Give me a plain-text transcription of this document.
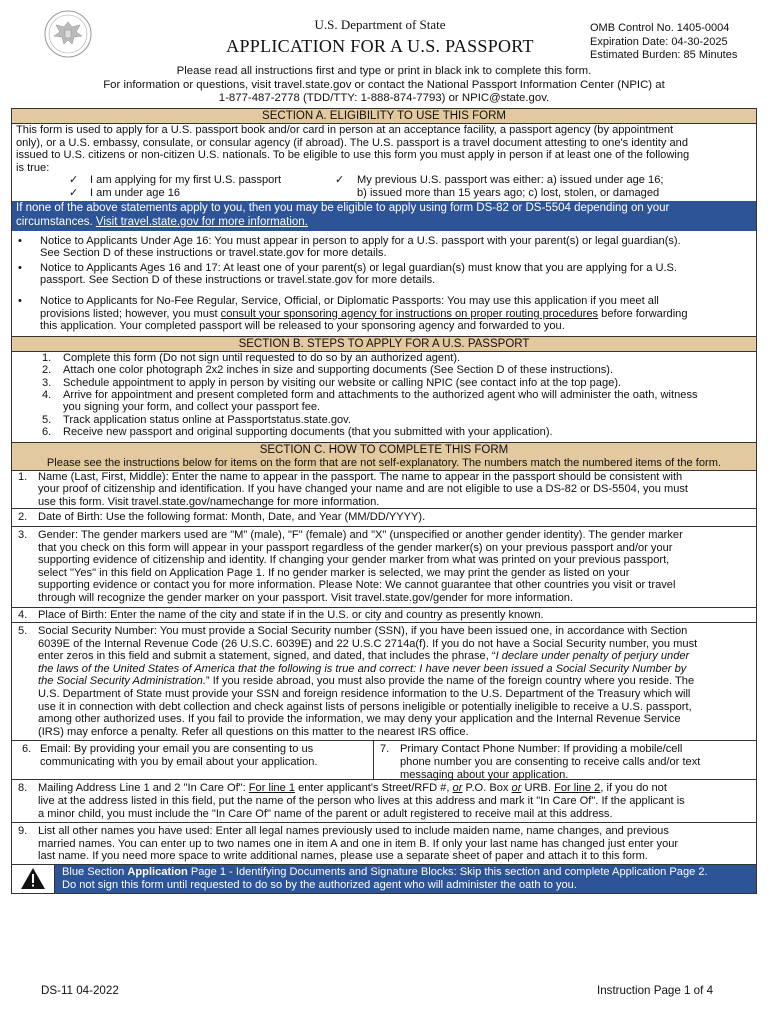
U.S. Department of State
APPLICATION FOR A U.S. PASSPORT
OMB Control No. 1405-0004
Expiration Date: 04-30-2025
Estimated Burden: 85 Minutes
Please read all instructions first and type or print in black ink to complete this form.
For information or questions, visit travel.state.gov or contact the National Passport Information Center (NPIC) at
1-877-487-2778 (TDD/TTY: 1-888-874-7793) or NPIC@state.gov.
SECTION A. ELIGIBILITY TO USE THIS FORM
This form is used to apply for a U.S. passport book and/or card in person at an acceptance facility, a passport agency (by appointment
only), or a U.S. embassy, consulate, or consular agency (if abroad). The U.S. passport is a travel document attesting to one's identity and
issued to U.S. citizens or non-citizen U.S. nationals. To be eligible to use this form you must apply in person if at least one of the following
is true:
✓ I am applying for my first U.S. passport
✓ I am under age 16
✓ My previous U.S. passport was either: a) issued under age 16;
b) issued more than 15 years ago; c) lost, stolen, or damaged
If none of the above statements apply to you, then you may be eligible to apply using form DS-82 or DS-5504 depending on your
circumstances. Visit travel.state.gov for more information.
• Notice to Applicants Under Age 16: You must appear in person to apply for a U.S. passport with your parent(s) or legal guardian(s).
See Section D of these instructions or travel.state.gov for more details.
• Notice to Applicants Ages 16 and 17: At least one of your parent(s) or legal guardian(s) must know that you are applying for a U.S.
passport. See Section D of these instructions or travel.state.gov for more details.
• Notice to Applicants for No-Fee Regular, Service, Official, or Diplomatic Passports: You may use this application if you meet all
provisions listed; however, you must consult your sponsoring agency for instructions on proper routing procedures before forwarding
this application. Your completed passport will be released to your sponsoring agency and forwarded to you.
SECTION B. STEPS TO APPLY FOR A U.S. PASSPORT
1. Complete this form (Do not sign until requested to do so by an authorized agent).
2. Attach one color photograph 2x2 inches in size and supporting documents (See Section D of these instructions).
3. Schedule appointment to apply in person by visiting our website or calling NPIC (see contact info at the top page).
4. Arrive for appointment and present completed form and attachments to the authorized agent who will administer the oath, witness
you signing your form, and collect your passport fee.
5. Track application status online at Passportstatus.state.gov.
6. Receive new passport and original supporting documents (that you submitted with your application).
SECTION C. HOW TO COMPLETE THIS FORM
Please see the instructions below for items on the form that are not self-explanatory. The numbers match the numbered items of the form.
1. Name (Last, First, Middle): Enter the name to appear in the passport. The name to appear in the passport should be consistent with
your proof of citizenship and identification. If you have changed your name and are not eligible to use a DS-82 or DS-5504, you must
use this form. Visit travel.state.gov/namechange for more information.
2. Date of Birth: Use the following format: Month, Date, and Year (MM/DD/YYYY).
3. Gender: The gender markers used are "M" (male), "F" (female) and "X" (unspecified or another gender identity). The gender marker
that you check on this form will appear in your passport regardless of the gender marker(s) on your previous passport and/or your
supporting evidence of citizenship and identity. If changing your gender marker from what was printed on your previous passport,
select "Yes" in this field on Application Page 1. If no gender marker is selected, we may print the gender as listed on your
supporting evidence or contact you for more information. Please Note: We cannot guarantee that other countries you visit or travel
through will recognize the gender marker on your passport. Visit travel.state.gov/gender for more information.
4. Place of Birth: Enter the name of the city and state if in the U.S. or city and country as presently known.
5. Social Security Number: You must provide a Social Security number (SSN), if you have been issued one, in accordance with Section
6039E of the Internal Revenue Code (26 U.S.C. 6039E) and 22 U.S.C 2714a(f). If you do not have a Social Security number, you must
enter zeros in this field and submit a statement, signed, and dated, that includes the phrase, “I declare under penalty of perjury under
the laws of the United States of America that the following is true and correct: I have never been issued a Social Security Number by
the Social Security Administration.” If you reside abroad, you must also provide the name of the foreign country where you reside. The
U.S. Department of State must provide your SSN and foreign residence information to the U.S. Department of the Treasury which will
use it in connection with debt collection and check against lists of persons ineligible or potentially ineligible to receive a U.S. passport,
among other authorized uses. If you fail to provide the information, we may deny your application and the Internal Revenue Service
(IRS) may enforce a penalty. Refer all questions on this matter to the nearest IRS office.
6. Email: By providing your email you are consenting to us
communicating with you by email about your application.
7. Primary Contact Phone Number: If providing a mobile/cell
phone number you are consenting to receive calls and/or text
messaging about your application.
8. Mailing Address Line 1 and 2 "In Care Of": For line 1 enter applicant's Street/RFD #, or P.O. Box or URB. For line 2, if you do not
live at the address listed in this field, put the name of the person who lives at this address and mark it "In Care Of". If the applicant is
a minor child, you must include the "In Care Of" name of the parent or adult registered to receive mail at this address.
9. List all other names you have used: Enter all legal names previously used to include maiden name, name changes, and previous
married names. You can enter up to two names one in item A and one in item B. If only your last name has changed just enter your
last name. If you need more space to write additional names, please use a separate sheet of paper and attach it to this form.
Blue Section Application Page 1 - Identifying Documents and Signature Blocks: Skip this section and complete Application Page 2.
Do not sign this form until requested to do so by the authorized agent who will administer the oath to you.
DS-11 04-2022	Instruction Page 1 of 4
